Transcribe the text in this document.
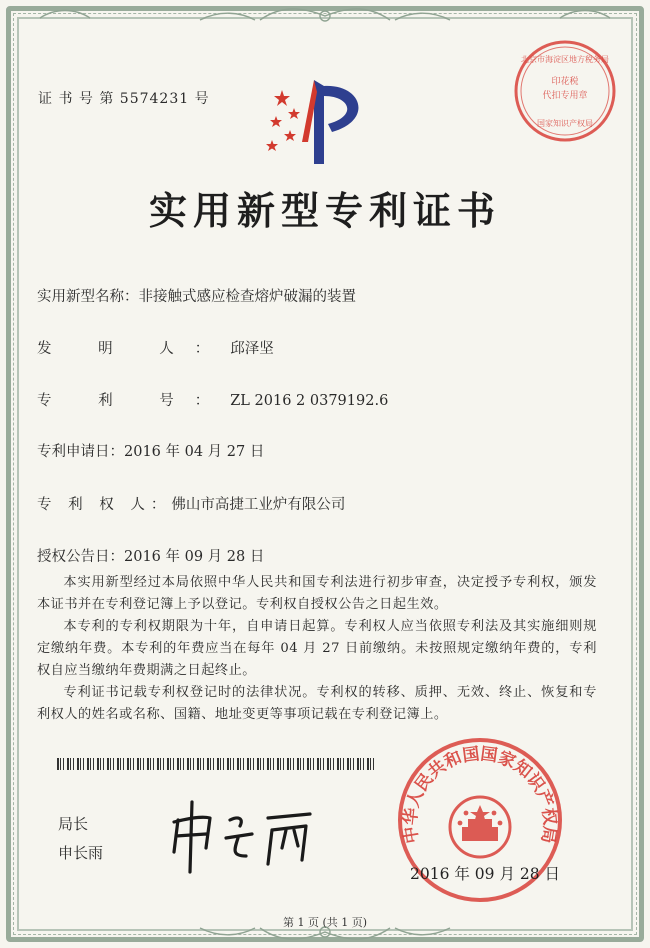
证 书 号 第 5574231 号
北京市海淀区地方税务局
印花税
代扣专用章
国家知识产权局
实用新型专利证书
实用新型名称：非接触式感应检查熔炉破漏的装置
发 明 人：邱泽坚
专 利 号：ZL 2016 2 0379192.6
专利申请日：2016 年 04 月 27 日
专 利 权 人：佛山市高捷工业炉有限公司
授权公告日：2016 年 09 月 28 日
本实用新型经过本局依照中华人民共和国专利法进行初步审查，决定授予专利权，颁发本证书并在专利登记簿上予以登记。专利权自授权公告之日起生效。
本专利的专利权期限为十年，自申请日起算。专利权人应当依照专利法及其实施细则规定缴纳年费。本专利的年费应当在每年 04 月 27 日前缴纳。未按照规定缴纳年费的，专利权自应当缴纳年费期满之日起终止。
专利证书记载专利权登记时的法律状况。专利权的转移、质押、无效、终止、恢复和专利权人的姓名或名称、国籍、地址变更等事项记载在专利登记簿上。
局长
申长雨
中华人民共和国国家知识产权局
2016 年 09 月 28 日
第 1 页 (共 1 页)
